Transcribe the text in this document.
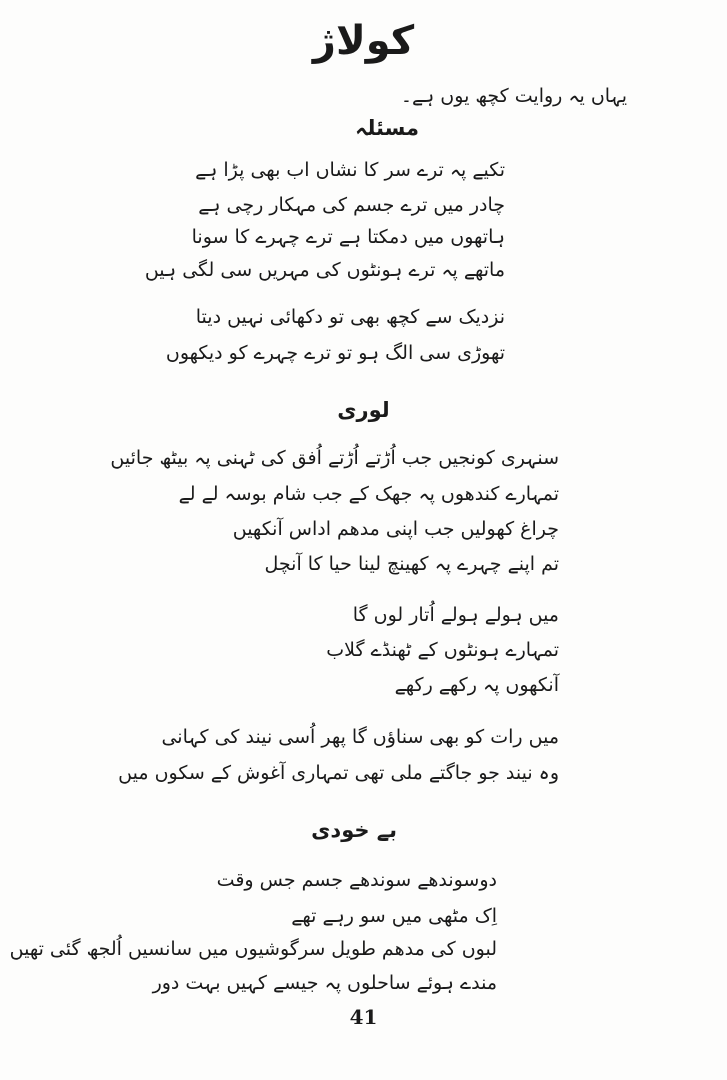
کولاژ
یہاں یہ روایت کچھ یوں ہے۔
مسئلہ
تکیے پہ ترے سر کا نشاں اب بھی پڑا ہے
چادر میں ترے جسم کی مہکار رچی ہے
ہاتھوں میں دمکتا ہے ترے چہرے کا سونا
ماتھے پہ ترے ہونٹوں کی مہریں سی لگی ہیں
نزدیک سے کچھ بھی تو دکھائی نہیں دیتا
تھوڑی سی الگ ہو تو ترے چہرے کو دیکھوں
لوری
سنہری کونجیں جب اُڑتے اُڑتے اُفق کی ٹہنی پہ بیٹھ جائیں
تمہارے کندھوں پہ جھک کے جب شام بوسہ لے لے
چراغ کھولیں جب اپنی مدھم اداس آنکھیں
تم اپنے چہرے پہ کھینچ لینا حیا کا آنچل
میں ہولے ہولے اُتار لوں گا
تمہارے ہونٹوں کے ٹھنڈے گلاب
آنکھوں پہ رکھے رکھے
میں رات کو بھی سناؤں گا پھر اُسی نیند کی کہانی
وہ نیند جو جاگتے ملی تھی تمہاری آغوش کے سکوں میں
بے خودی
دوسوندھے سوندھے جسم جس وقت
اِک مٹھی میں سو رہے تھے
لبوں کی مدھم طویل سرگوشیوں میں سانسیں اُلجھ گئی تھیں
مندے ہوئے ساحلوں پہ جیسے کہیں بہت دور
41
